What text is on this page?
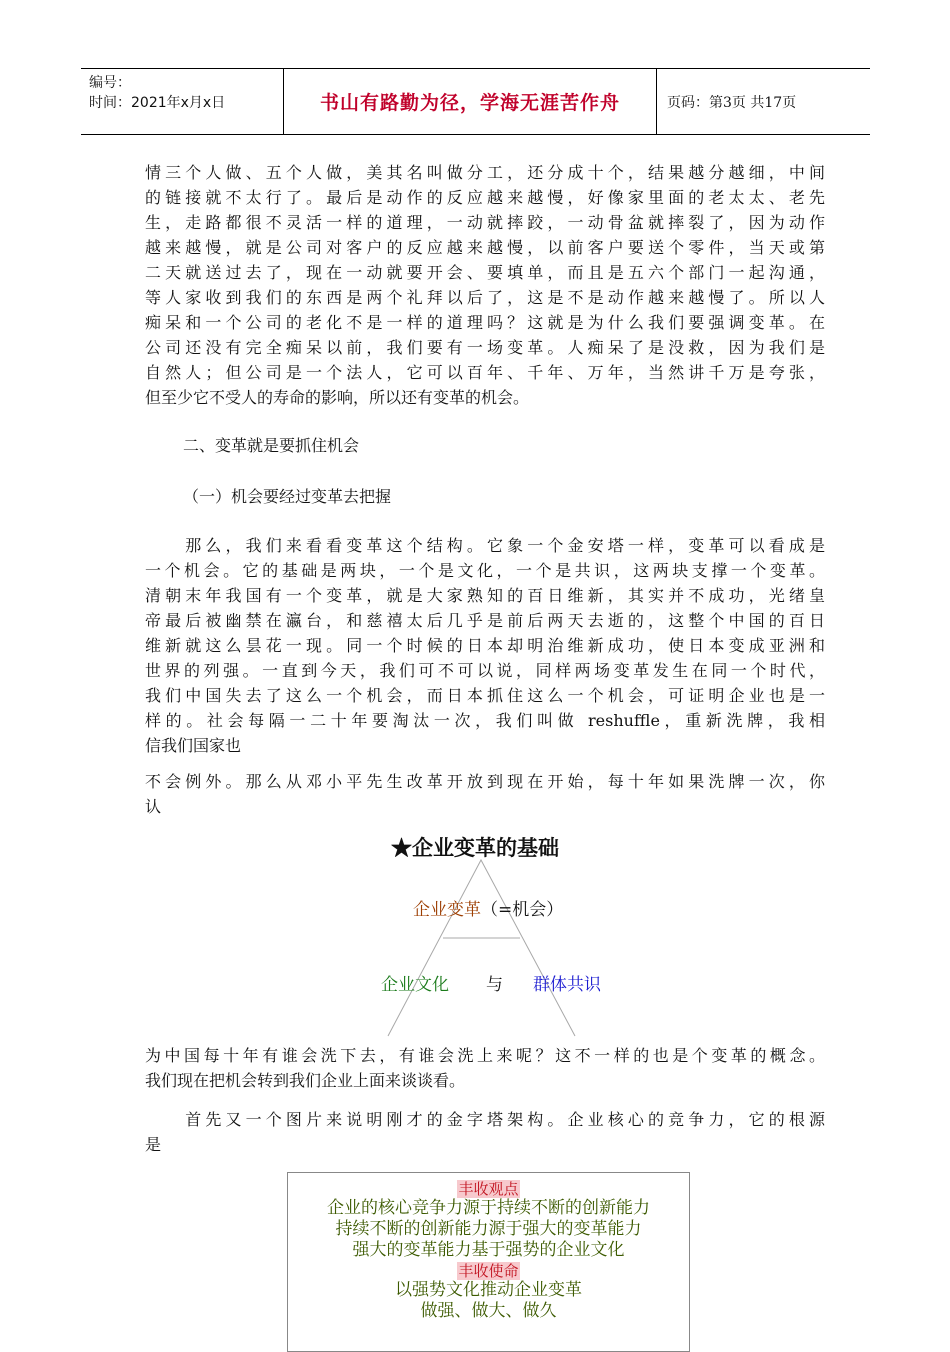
编号：
时间：2021年x月x日	书山有路勤为径，学海无涯苦作舟	页码：第3页 共17页

情三个人做、五个人做，美其名叫做分工，还分成十个，结果越分越细，中间

的链接就不太行了。最后是动作的反应越来越慢，好像家里面的老太太、老先

生，走路都很不灵活一样的道理，一动就摔跤，一动骨盆就摔裂了，因为动作

越来越慢，就是公司对客户的反应越来越慢，以前客户要送个零件，当天或第

二天就送过去了，现在一动就要开会、要填单，而且是五六个部门一起沟通，

等人家收到我们的东西是两个礼拜以后了，这是不是动作越来越慢了。所以人

痴呆和一个公司的老化不是一样的道理吗？这就是为什么我们要强调变革。在

公司还没有完全痴呆以前，我们要有一场变革。人痴呆了是没救，因为我们是

自然人；但公司是一个法人，它可以百年、千年、万年，当然讲千万是夸张，

但至少它不受人的寿命的影响，所以还有变革的机会。

二、变革就是要抓住机会
（一）机会要经过变革去把握

　　那么，我们来看看变革这个结构。它象一个金安塔一样，变革可以看成是

一个机会。它的基础是两块，一个是文化，一个是共识，这两块支撑一个变革。

清朝末年我国有一个变革，就是大家熟知的百日维新，其实并不成功，光绪皇

帝最后被幽禁在瀛台，和慈禧太后几乎是前后两天去逝的，这整个中国的百日

维新就这么昙花一现。同一个时候的日本却明治维新成功，使日本变成亚洲和

世界的列强。一直到今天，我们可不可以说，同样两场变革发生在同一个时代，

我们中国失去了这么一个机会，而日本抓住这么一个机会，可证明企业也是一

样的。社会每隔一二十年要淘汰一次，我们叫做 reshuffle，重新洗牌，我相

信我们国家也

不会例外。那么从邓小平先生改革开放到现在开始，每十年如果洗牌一次，你

认

★企业变革的基础
企业变革（=机会）
企业文化 与 群体共识

为中国每十年有谁会洗下去，有谁会洗上来呢？这不一样的也是个变革的概念。

我们现在把机会转到我们企业上面来谈谈看。

　　首先又一个图片来说明刚才的金字塔架构。企业核心的竞争力，它的根源

是

丰收观点
企业的核心竞争力源于持续不断的创新能力
持续不断的创新能力源于强大的变革能力
强大的变革能力基于强势的企业文化
丰收使命
以强势文化推动企业变革
做强、做大、做久
